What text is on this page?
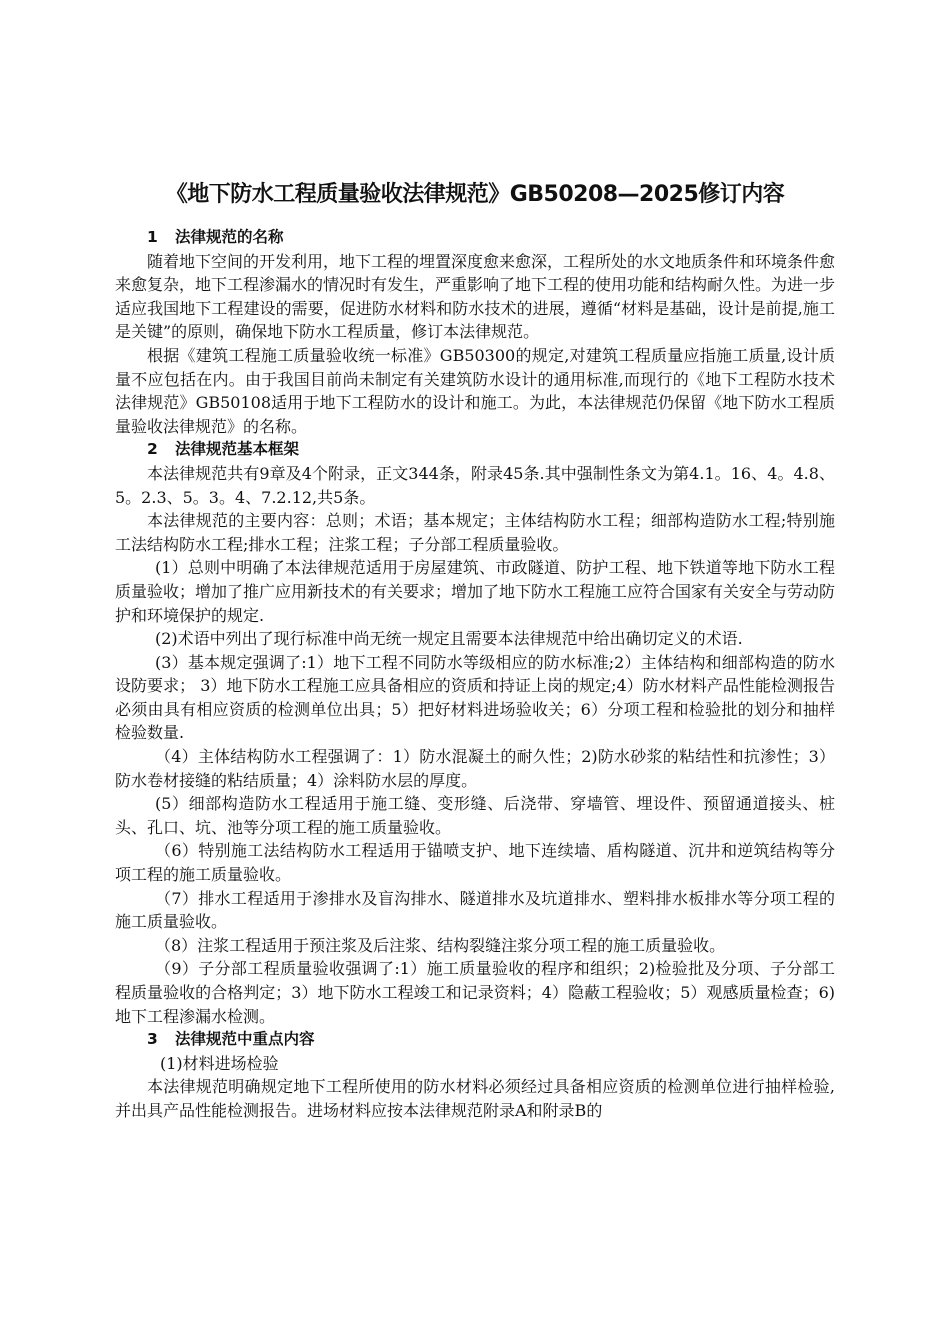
《地下防水工程质量验收法律规范》GB50208—2025修订内容

1 法律规范的名称

随着地下空间的开发利用，地下工程的埋置深度愈来愈深，工程所处的水文地质条件和环境条件愈来愈复杂，地下工程渗漏水的情况时有发生，严重影响了地下工程的使用功能和结构耐久性。为进一步适应我国地下工程建设的需要，促进防水材料和防水技术的进展，遵循“材料是基础，设计是前提,施工是关键”的原则，确保地下防水工程质量，修订本法律规范。

根据《建筑工程施工质量验收统一标准》GB50300的规定,对建筑工程质量应指施工质量,设计质量不应包括在内。由于我国目前尚未制定有关建筑防水设计的通用标准,而现行的《地下工程防水技术法律规范》GB50108适用于地下工程防水的设计和施工。为此，本法律规范仍保留《地下防水工程质量验收法律规范》的名称。

2 法律规范基本框架

本法律规范共有9章及4个附录，正文344条，附录45条.其中强制性条文为第4.1。16、4。4.8、5。2.3、5。3。4、7.2.12,共5条。

本法律规范的主要内容：总则；术语；基本规定；主体结构防水工程；细部构造防水工程;特别施工法结构防水工程;排水工程；注浆工程；子分部工程质量验收。

(1）总则中明确了本法律规范适用于房屋建筑、市政隧道、防护工程、地下铁道等地下防水工程质量验收；增加了推广应用新技术的有关要求；增加了地下防水工程施工应符合国家有关安全与劳动防护和环境保护的规定.

(2)术语中列出了现行标准中尚无统一规定且需要本法律规范中给出确切定义的术语.

(3）基本规定强调了:1）地下工程不同防水等级相应的防水标准;2）主体结构和细部构造的防水设防要求； 3）地下防水工程施工应具备相应的资质和持证上岗的规定;4）防水材料产品性能检测报告必须由具有相应资质的检测单位出具；5）把好材料进场验收关；6）分项工程和检验批的划分和抽样检验数量.

（4）主体结构防水工程强调了：1）防水混凝土的耐久性；2)防水砂浆的粘结性和抗渗性；3）防水卷材接缝的粘结质量；4）涂料防水层的厚度。

(5）细部构造防水工程适用于施工缝、变形缝、后浇带、穿墙管、埋设件、预留通道接头、桩头、孔口、坑、池等分项工程的施工质量验收。

（6）特别施工法结构防水工程适用于锚喷支护、地下连续墙、盾构隧道、沉井和逆筑结构等分项工程的施工质量验收。

（7）排水工程适用于渗排水及盲沟排水、隧道排水及坑道排水、塑料排水板排水等分项工程的施工质量验收。

（8）注浆工程适用于预注浆及后注浆、结构裂缝注浆分项工程的施工质量验收。

（9）子分部工程质量验收强调了:1）施工质量验收的程序和组织；2)检验批及分项、子分部工程质量验收的合格判定；3）地下防水工程竣工和记录资料；4）隐蔽工程验收；5）观感质量检查；6)地下工程渗漏水检测。

3 法律规范中重点内容

(1)材料进场检验

本法律规范明确规定地下工程所使用的防水材料必须经过具备相应资质的检测单位进行抽样检验,并出具产品性能检测报告。进场材料应按本法律规范附录A和附录B的
